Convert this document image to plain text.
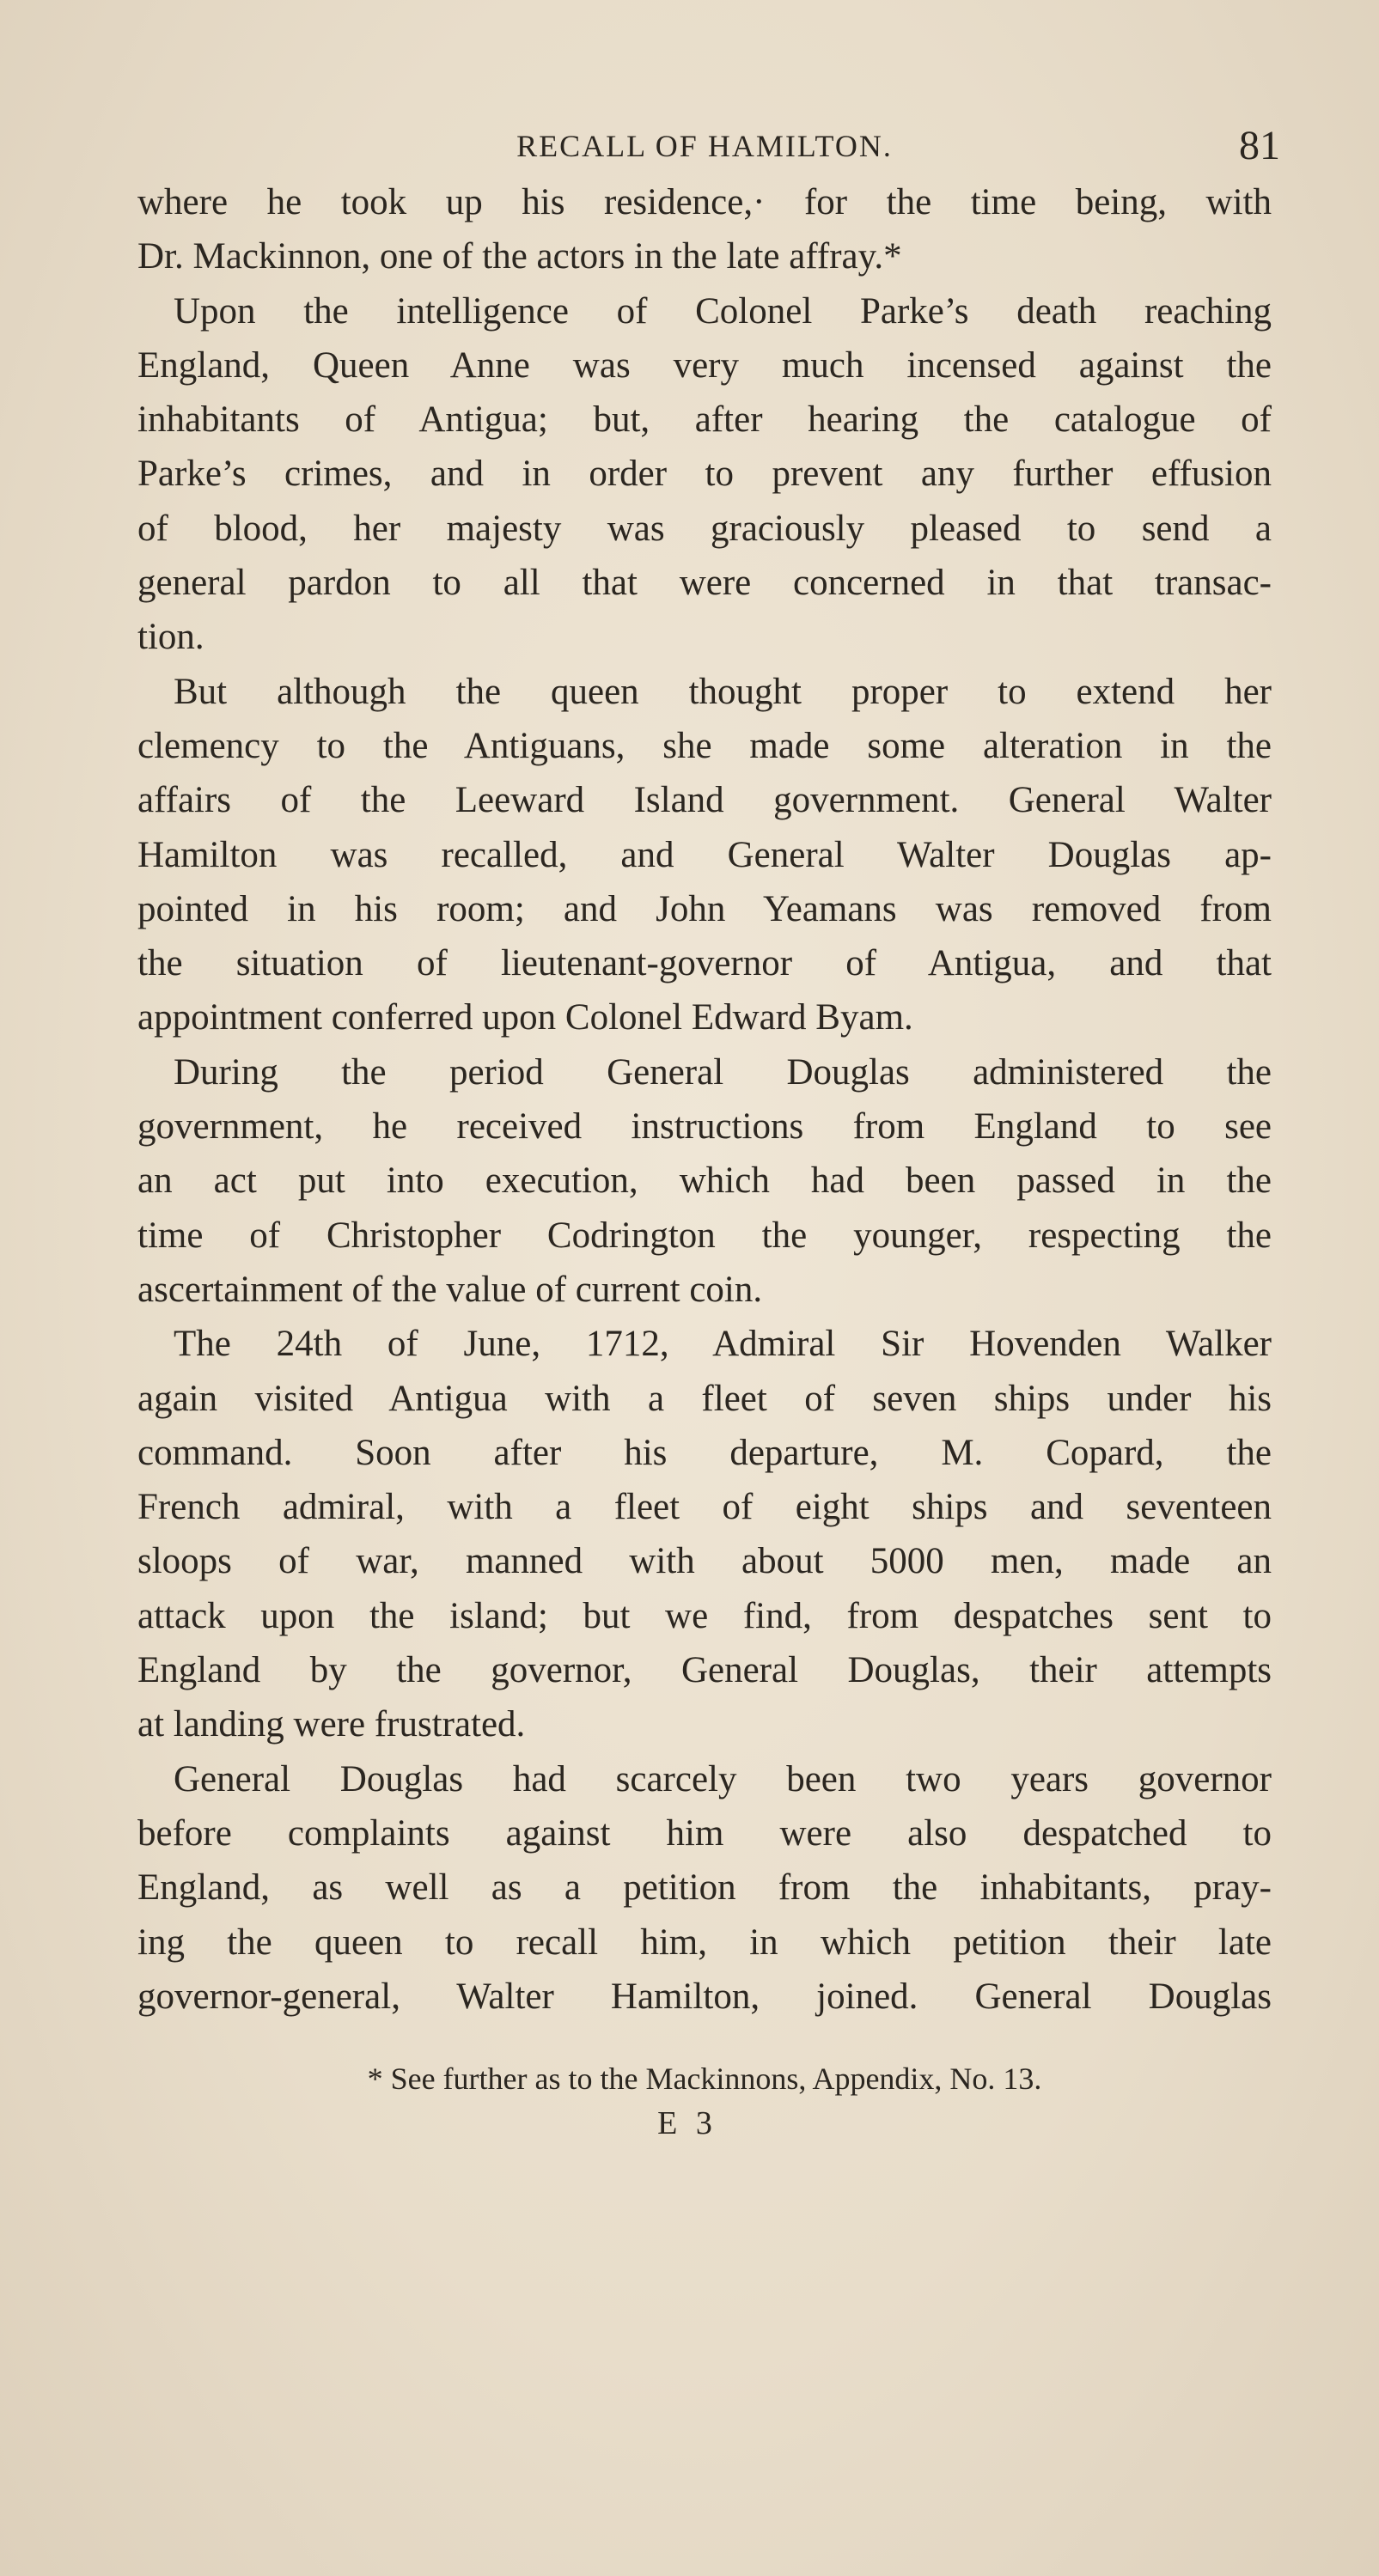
RECALL OF HAMILTON.	81
where he took up his residence,· for the time being, with
Dr. Mackinnon, one of the actors in the late affray.*
Upon the intelligence of Colonel Parke’s death reaching
England, Queen Anne was very much incensed against the
inhabitants of Antigua; but, after hearing the catalogue of
Parke’s crimes, and in order to prevent any further effusion
of blood, her majesty was graciously pleased to send a
general pardon to all that were concerned in that transac-
tion.
But although the queen thought proper to extend her
clemency to the Antiguans, she made some alteration in the
affairs of the Leeward Island government. General Walter
Hamilton was recalled, and General Walter Douglas ap-
pointed in his room; and John Yeamans was removed from
the situation of lieutenant-governor of Antigua, and that
appointment conferred upon Colonel Edward Byam.
During the period General Douglas administered the
government, he received instructions from England to see
an act put into execution, which had been passed in the
time of Christopher Codrington the younger, respecting the
ascertainment of the value of current coin.
The 24th of June, 1712, Admiral Sir Hovenden Walker
again visited Antigua with a fleet of seven ships under his
command. Soon after his departure, M. Copard, the
French admiral, with a fleet of eight ships and seventeen
sloops of war, manned with about 5000 men, made an
attack upon the island; but we find, from despatches sent to
England by the governor, General Douglas, their attempts
at landing were frustrated.
General Douglas had scarcely been two years governor
before complaints against him were also despatched to
England, as well as a petition from the inhabitants, pray-
ing the queen to recall him, in which petition their late
governor-general, Walter Hamilton, joined. General Douglas
* See further as to the Mackinnons, Appendix, No. 13.
E 3
